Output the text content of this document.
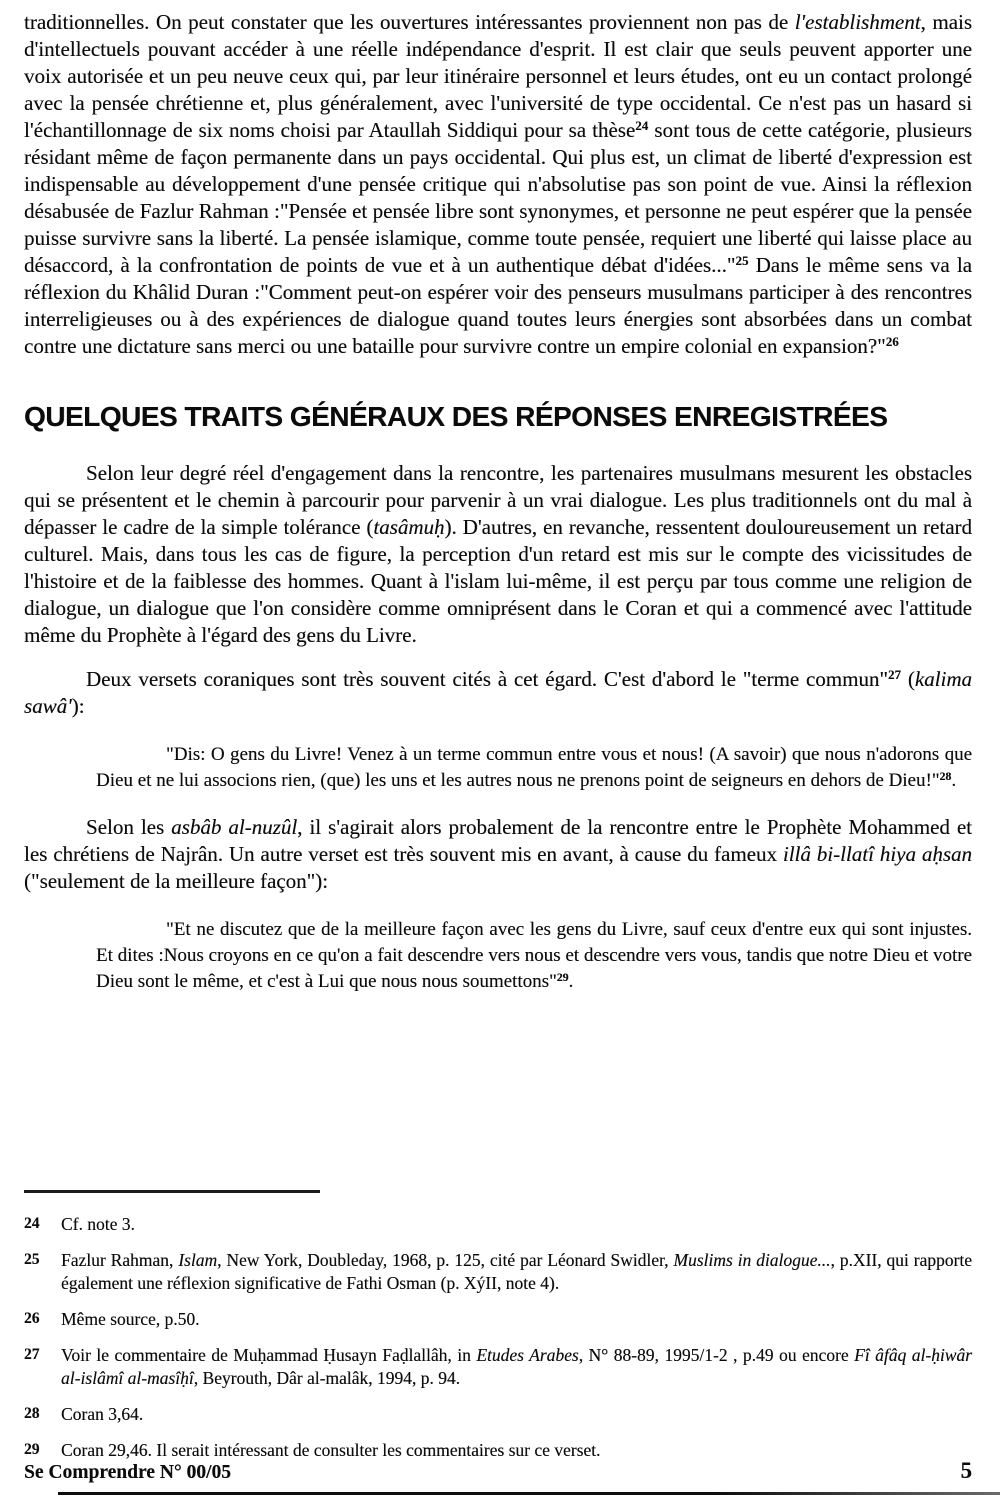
traditionnelles. On peut constater que les ouvertures intéressantes proviennent non pas de l'establishment, mais d'intellectuels pouvant accéder à une réelle indépendance d'esprit. Il est clair que seuls peuvent apporter une voix autorisée et un peu neuve ceux qui, par leur itinéraire personnel et leurs études, ont eu un contact prolongé avec la pensée chrétienne et, plus généralement, avec l'université de type occidental. Ce n'est pas un hasard si l'échantillonnage de six noms choisi par Ataullah Siddiqui pour sa thèse$^{24}$ sont tous de cette catégorie, plusieurs résidant même de façon permanente dans un pays occidental. Qui plus est, un climat de liberté d'expression est indispensable au développement d'une pensée critique qui n'absolutise pas son point de vue. Ainsi la réflexion désabusée de Fazlur Rahman :"Pensée et pensée libre sont synonymes, et personne ne peut espérer que la pensée puisse survivre sans la liberté. La pensée islamique, comme toute pensée, requiert une liberté qui laisse place au désaccord, à la confrontation de points de vue et à un authentique débat d'idées..."$^{25}$ Dans le même sens va la réflexion du Khâlid Duran :"Comment peut-on espérer voir des penseurs musulmans participer à des rencontres interreligieuses ou à des expériences de dialogue quand toutes leurs énergies sont absorbées dans un combat contre une dictature sans merci ou une bataille pour survivre contre un empire colonial en expansion?"$^{26}$

QUELQUES TRAITS GÉNÉRAUX DES RÉPONSES ENREGISTRÉES

Selon leur degré réel d'engagement dans la rencontre, les partenaires musulmans mesurent les obstacles qui se présentent et le chemin à parcourir pour parvenir à un vrai dialogue. Les plus traditionnels ont du mal à dépasser le cadre de la simple tolérance (tasâmuḥ). D'autres, en revanche, ressentent douloureusement un retard culturel. Mais, dans tous les cas de figure, la perception d'un retard est mis sur le compte des vicissitudes de l'histoire et de la faiblesse des hommes. Quant à l'islam lui-même, il est perçu par tous comme une religion de dialogue, un dialogue que l'on considère comme omniprésent dans le Coran et qui a commencé avec l'attitude même du Prophète à l'égard des gens du Livre.

Deux versets coraniques sont très souvent cités à cet égard. C'est d'abord le "terme commun"$^{27}$ (kalima sawâ'):

"Dis: O gens du Livre! Venez à un terme commun entre vous et nous! (A savoir) que nous n'adorons que Dieu et ne lui associons rien, (que) les uns et les autres nous ne prenons point de seigneurs en dehors de Dieu!"$^{28}$.

Selon les asbâb al-nuzûl, il s'agirait alors probalement de la rencontre entre le Prophète Mohammed et les chrétiens de Najrân. Un autre verset est très souvent mis en avant, à cause du fameux illâ bi-llatî hiya aḥsan ("seulement de la meilleure façon"):

"Et ne discutez que de la meilleure façon avec les gens du Livre, sauf ceux d'entre eux qui sont injustes. Et dites :Nous croyons en ce qu'on a fait descendre vers nous et descendre vers vous, tandis que notre Dieu et votre Dieu sont le même, et c'est à Lui que nous nous soumettons"$^{29}$.
24	Cf. note 3.
25	Fazlur Rahman, Islam, New York, Doubleday, 1968, p. 125, cité par Léonard Swidler, Muslims in dialogue..., p.XII, qui rapporte également une réflexion significative de Fathi Osman (p. XýII, note 4).
26	Même source, p.50.
27	Voir le commentaire de Muḥammad Ḥusayn Faḍlallâh, in Etudes Arabes, N° 88-89, 1995/1-2 , p.49 ou encore Fî âfâq al-ḥiwâr al-islâmî al-masîḥî, Beyrouth, Dâr al-malâk, 1994, p. 94.
28	Coran 3,64.
29	Coran 29,46. Il serait intéressant de consulter les commentaires sur ce verset.
Se Comprendre N° 00/05	5
